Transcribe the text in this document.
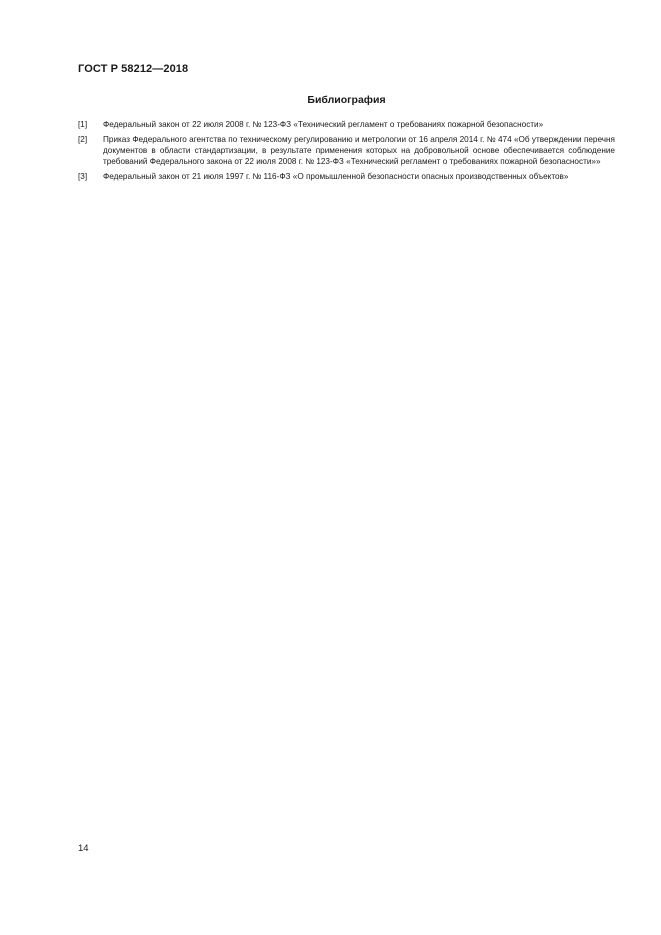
ГОСТ Р 58212—2018
Библиография
[1]	Федеральный закон от 22 июля 2008 г. № 123-ФЗ «Технический регламент о требованиях пожарной безопасности»
[2]	Приказ Федерального агентства по техническому регулированию и метрологии от 16 апреля 2014 г. № 474 «Об утверждении перечня документов в области стандартизации, в результате применения которых на добровольной основе обеспечивается соблюдение требований Федерального закона от 22 июля 2008 г. № 123-ФЗ «Технический регламент о требованиях пожарной безопасности»»
[3]	Федеральный закон от 21 июля 1997 г. № 116-ФЗ «О промышленной безопасности опасных производственных объектов»
14
